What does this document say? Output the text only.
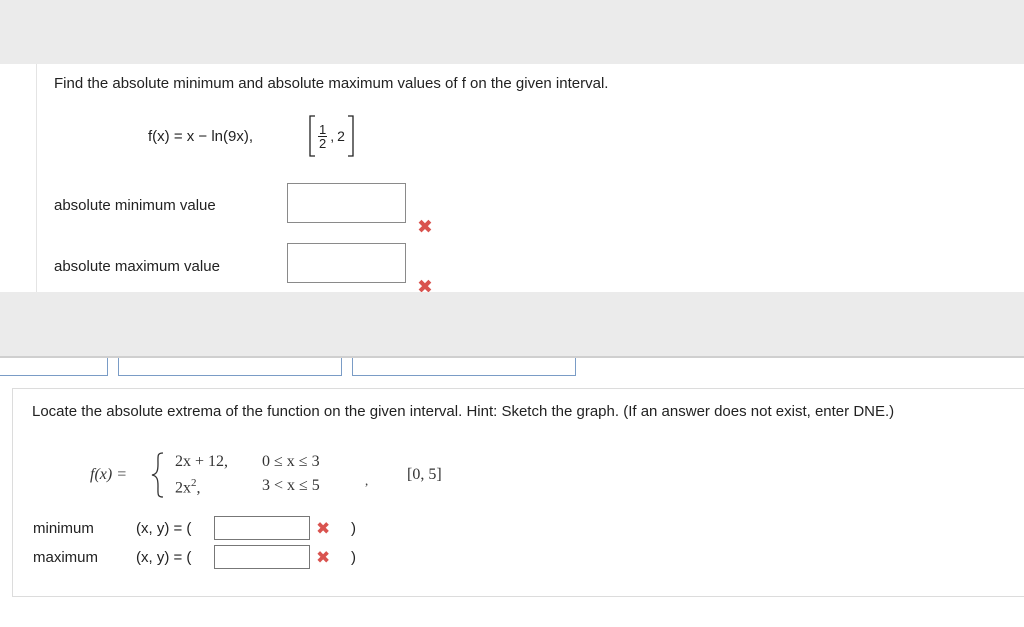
Find the absolute minimum and absolute maximum values of f on the given interval.
f(x) = x − ln(9x),	$\frac{1}{2}$ , 2
absolute minimum value
✖
absolute maximum value
✖
Locate the absolute extrema of the function on the given interval. Hint: Sketch the graph. (If an answer does not exist, enter DNE.)
f(x) =
2x + 12, 0 ≤ x ≤ 3
$2x^2$,	3 < x ≤ 5	, [0, 5]
minimum	(x, y) = (	✖ )
maximum	(x, y) = (	✖ )
